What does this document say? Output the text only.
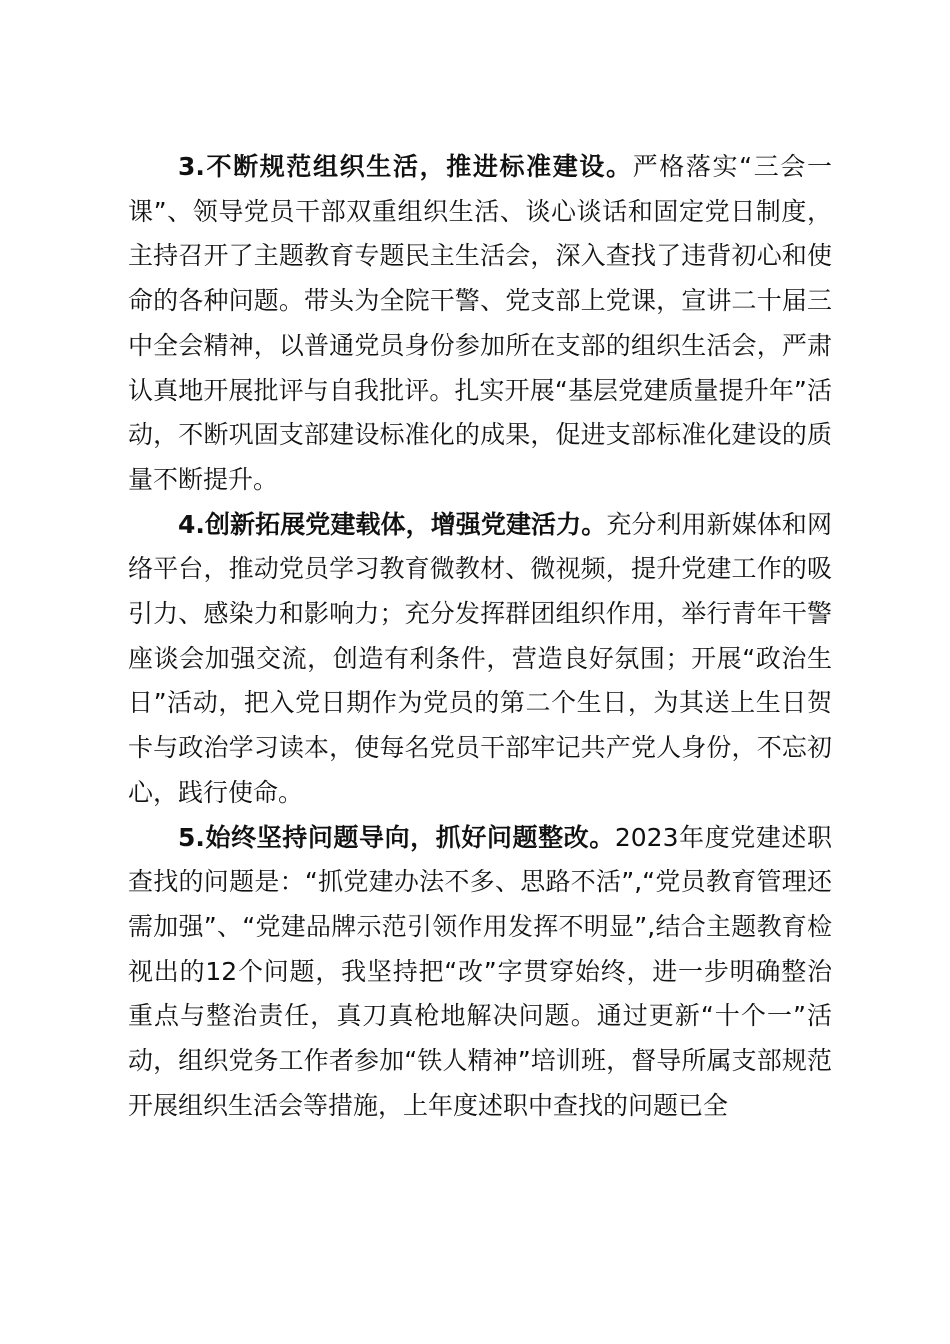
3.不断规范组织生活，推进标准建设。严格落实“三会一课”、领导党员干部双重组织生活、谈心谈话和固定党日制度，主持召开了主题教育专题民主生活会，深入查找了违背初心和使命的各种问题。带头为全院干警、党支部上党课，宣讲二十届三中全会精神，以普通党员身份参加所在支部的组织生活会，严肃认真地开展批评与自我批评。扎实开展“基层党建质量提升年”活动，不断巩固支部建设标准化的成果，促进支部标准化建设的质量不断提升。

4.创新拓展党建载体，增强党建活力。充分利用新媒体和网络平台，推动党员学习教育微教材、微视频，提升党建工作的吸引力、感染力和影响力；充分发挥群团组织作用，举行青年干警座谈会加强交流，创造有利条件，营造良好氛围；开展“政治生日”活动，把入党日期作为党员的第二个生日，为其送上生日贺卡与政治学习读本，使每名党员干部牢记共产党人身份，不忘初心，践行使命。

5.始终坚持问题导向，抓好问题整改。2023年度党建述职查找的问题是：“抓党建办法不多、思路不活”,“党员教育管理还需加强”、“党建品牌示范引领作用发挥不明显”,结合主题教育检视出的12个问题，我坚持把“改”字贯穿始终，进一步明确整治重点与整治责任，真刀真枪地解决问题。通过更新“十个一”活动，组织党务工作者参加“铁人精神”培训班，督导所属支部规范开展组织生活会等措施，上年度述职中查找的问题已全
